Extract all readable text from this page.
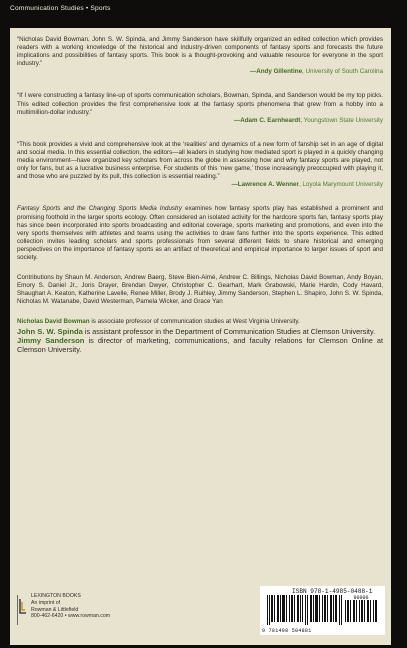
Communication Studies • Sports

“Nicholas David Bowman, John S. W. Spinda, and Jimmy Sanderson have skillfully organized an edited collection which provides readers with a working knowledge of the historical and industry-driven components of fantasy sports and forecasts the future implications and possibilities of fantasy sports. This book is a thought-provoking and valuable resource for everyone in the sport industry.”

—Andy Gillentine, University of South Carolina

“If I were constructing a fantasy line-up of sports communication scholars, Bowman, Spinda, and Sanderson would be my top picks. This edited collection provides the first comprehensive look at the fantasy sports phenomena that grew from a hobby into a multimillion-dollar industry.”

—Adam C. Earnheardt, Youngstown State University

“This book provides a vivid and comprehensive look at the ‘realities’ and dynamics of a new form of fanship set in an age of digital and social media. In this essential collection, the editors—all leaders in studying how mediated sport is played in a quickly changing media environment—have organized key scholars from across the globe in assessing how and why fantasy sports are played, not only for fans, but as a lucrative business enterprise. For students of this ‘new game,’ those increasingly preoccupied with playing it, and those who are puzzled by its pull, this collection is essential reading.”

—Lawrence A. Wenner, Loyola Marymount University

Fantasy Sports and the Changing Sports Media Industry examines how fantasy sports play has established a prominent and promising foothold in the larger sports ecology. Often considered an isolated activity for the hardcore sports fan, fantasy sports play has since been incorporated into sports broadcasting and editorial coverage, sports marketing and promotions, and even into the very sports themselves with athletes and teams using the activities to draw fans further into the sports experience. This edited collection invites leading scholars and sports professionals from several different fields to share historical and emerging perspectives on the importance of fantasy sports as an artifact of theoretical and empirical importance to larger issues of sport and society.

Contributions by Shaun M. Anderson, Andrew Baerg, Steve Bien-Aimé, Andrew C. Billings, Nicholas David Bowman, Andy Boyan, Emory S. Daniel Jr., Joris Drayer, Brendan Dwyer, Christopher C. Gearhart, Mark Grabowski, Marie Hardin, Cody Havard, Shaughan A. Keaton, Katherine Lavelle, Renee Miller, Brody J. Ruihley, Jimmy Sanderson, Stephen L. Shapiro, John S. W. Spinda, Nicholas M. Watanabe, David Westerman, Pamela Wicker, and Grace Yan

Nicholas David Bowman is associate professor of communication studies at West Virginia University.

John S. W. Spinda is assistant professor in the Department of Communication Studies at Clemson University.

Jimmy Sanderson is director of marketing, communications, and faculty relations for Clemson Online at Clemson University.

LEXINGTON BOOKS
An imprint of
Rowman & Littlefield
800-462-6420 • www.rowman.com
ISBN 978-1-4985-0488-1
90000
9 781498 504881
